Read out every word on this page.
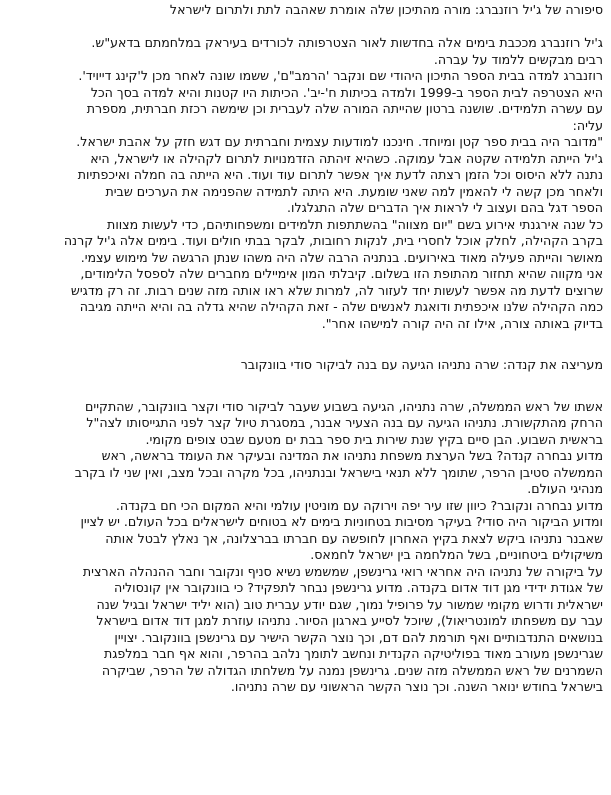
סיפורה של ג'יל רוזנברג: מורה מהתיכון שלה אומרת שאהבה לתת ולתרום לישראל
ג'יל רוזנברג מככבת בימים אלה בחדשות לאור הצטרפותה לכורדים בעיראק במלחמתם בדאע"ש.
רבים מבקשים ללמוד על עברה.
רוזנברג למדה בבית הספר התיכון היהודי שם ונקבר 'הרמב"ם', ששמו שונה לאחר מכן ל'קינג דייויד'.
היא הצטרפה לבית הספר ב-1999 ולמדה בכיתות ח'-יב'. הכיתות היו קטנות והיא למדה בסך הכל
עם עשרה תלמידים. שושנה ברטון שהייתה המורה שלה לעברית וכן שימשה רכזת חברתית, מספרת
עליה:
"מדובר היה בבית ספר קטן ומיוחד. חינכנו למודעות עצמית וחברתית עם דגש חזק על אהבת ישראל.
ג'יל הייתה תלמידה שקטה אבל עמוקה. כשהיא זיהתה הזדמנויות לתרום לקהילה או לישראל, היא
נתנה ללא היסוס וכל הזמן רצתה לדעת איך אפשר לתרום עוד ועוד. היא הייתה בה חמלה ואיכפתיות
ולאחר מכן קשה לי להאמין למה שאני שומעת. היא היתה לתמידה שהפנימה את הערכים שבית
הספר דגל בהם ועצוב לי לראות איך הדברים שלה התגלגלו.
כל שנה אירגנתי אירוע בשם "יום מצווה" בהשתתפות תלמידים ומשפחותיהם, כדי לעשות מצוות
בקרב הקהילה, לחלק אוכל לחסרי בית, לנקות רחובות, לבקר בבתי חולים ועוד. בימים אלה ג'יל קרנה
מאושר והייתה פעילה מאוד באירועים. בנתניה הרבה שלה היה משהו שנתן הרגשה של מימוש עצמי.
אני מקווה שהיא תחזור מהתופת הזו בשלום. קיבלתי המון אימיילים מחברים שלה לספסל הלימודים,
שרוצים לדעת מה אפשר לעשות יחד לעזור לה, למרות שלא ראו אותה מזה שנים רבות. זה רק מדגיש
כמה הקהילה שלנו איכפתית ודואגת לאנשים שלה - זאת הקהילה שהיא גדלה בה והיא הייתה מגיבה
בדיוק באותה צורה, אילו זה היה קורה למישהו אחר".
מעריצה את קנדה: שרה נתניהו הגיעה עם בנה לביקור סודי בוונקובר
אשתו של ראש הממשלה, שרה נתניהו, הגיעה בשבוע שעבר לביקור סודי וקצר בוונקובר, שהתקיים
הרחק מהתקשורת. נתניהו הגיעה עם בנה הצעיר אבנר, במסגרת טיול קצר לפני התגייסותו לצה"ל
בראשית השבוע. הבן סיים בקיץ שנת שירות בית ספר בבת ים מטעם שבט צופים מקומי.
מדוע נבחרה קנדה? בשל הערצת משפחת נתניהו את המדינה ובעיקר את העומד בראשה, ראש
הממשלה סטיבן הרפר, שתומך ללא תנאי בישראל ובנתניהו, בכל מקרה ובכל מצב, ואין שני לו בקרב
מנהיגי העולם.
מדוע נבחרה ונקובר? כיוון שזו עיר יפה וירוקה עם מוניטין עולמי והיא המקום הכי חם בקנדה.
ומדוע הביקור היה סודי? בעיקר מסיבות בטחוניות בימים לא בטוחים לישראלים בכל העולם. יש לציין
שאבנר נתניהו ביקש לצאת בקיץ האחרון לחופשה עם חברתו בברצלונה, אך נאלץ לבטל אותה
משיקולים ביטחוניים, בשל המלחמה בין ישראל לחמאס.
על ביקורה של נתניהו היה אחראי רואי גרינשפן, שמשמש נשיא סניף ונקובר וחבר ההנהלה הארצית
של אגודת ידידי מגן דוד אדום בקנדה. מדוע גרינשפן נבחר לתפקיד? כי בוונקובר אין קונסוליה
ישראלית ודרוש מקומי שמשור על פרופיל נמוך, שגם יודע עברית טוב (הוא יליד ישראל ובגיל שנה
עבר עם משפחתו למונטריאול), שיוכל לסייע בארגון הסיור. נתניהו עוזרת למגן דוד אדום בישראל
בנושאים התנדבותיים ואף תורמת להם דם, וכך נוצר הקשר הישיר עם גרינשפן בוונקובר. יצויין
שגרינשפן מעורב מאוד בפוליטיקה הקנדית ונחשב לתומך נלהב בהרפר, והוא אף חבר במלפגת
השמרנים של ראש הממשלה מזה שנים. גרינשפן נמנה על משלחתו הגדולה של הרפר, שביקרה
בישראל בחודש ינואר השנה. וכך נוצר הקשר הראשוני עם שרה נתניהו.
